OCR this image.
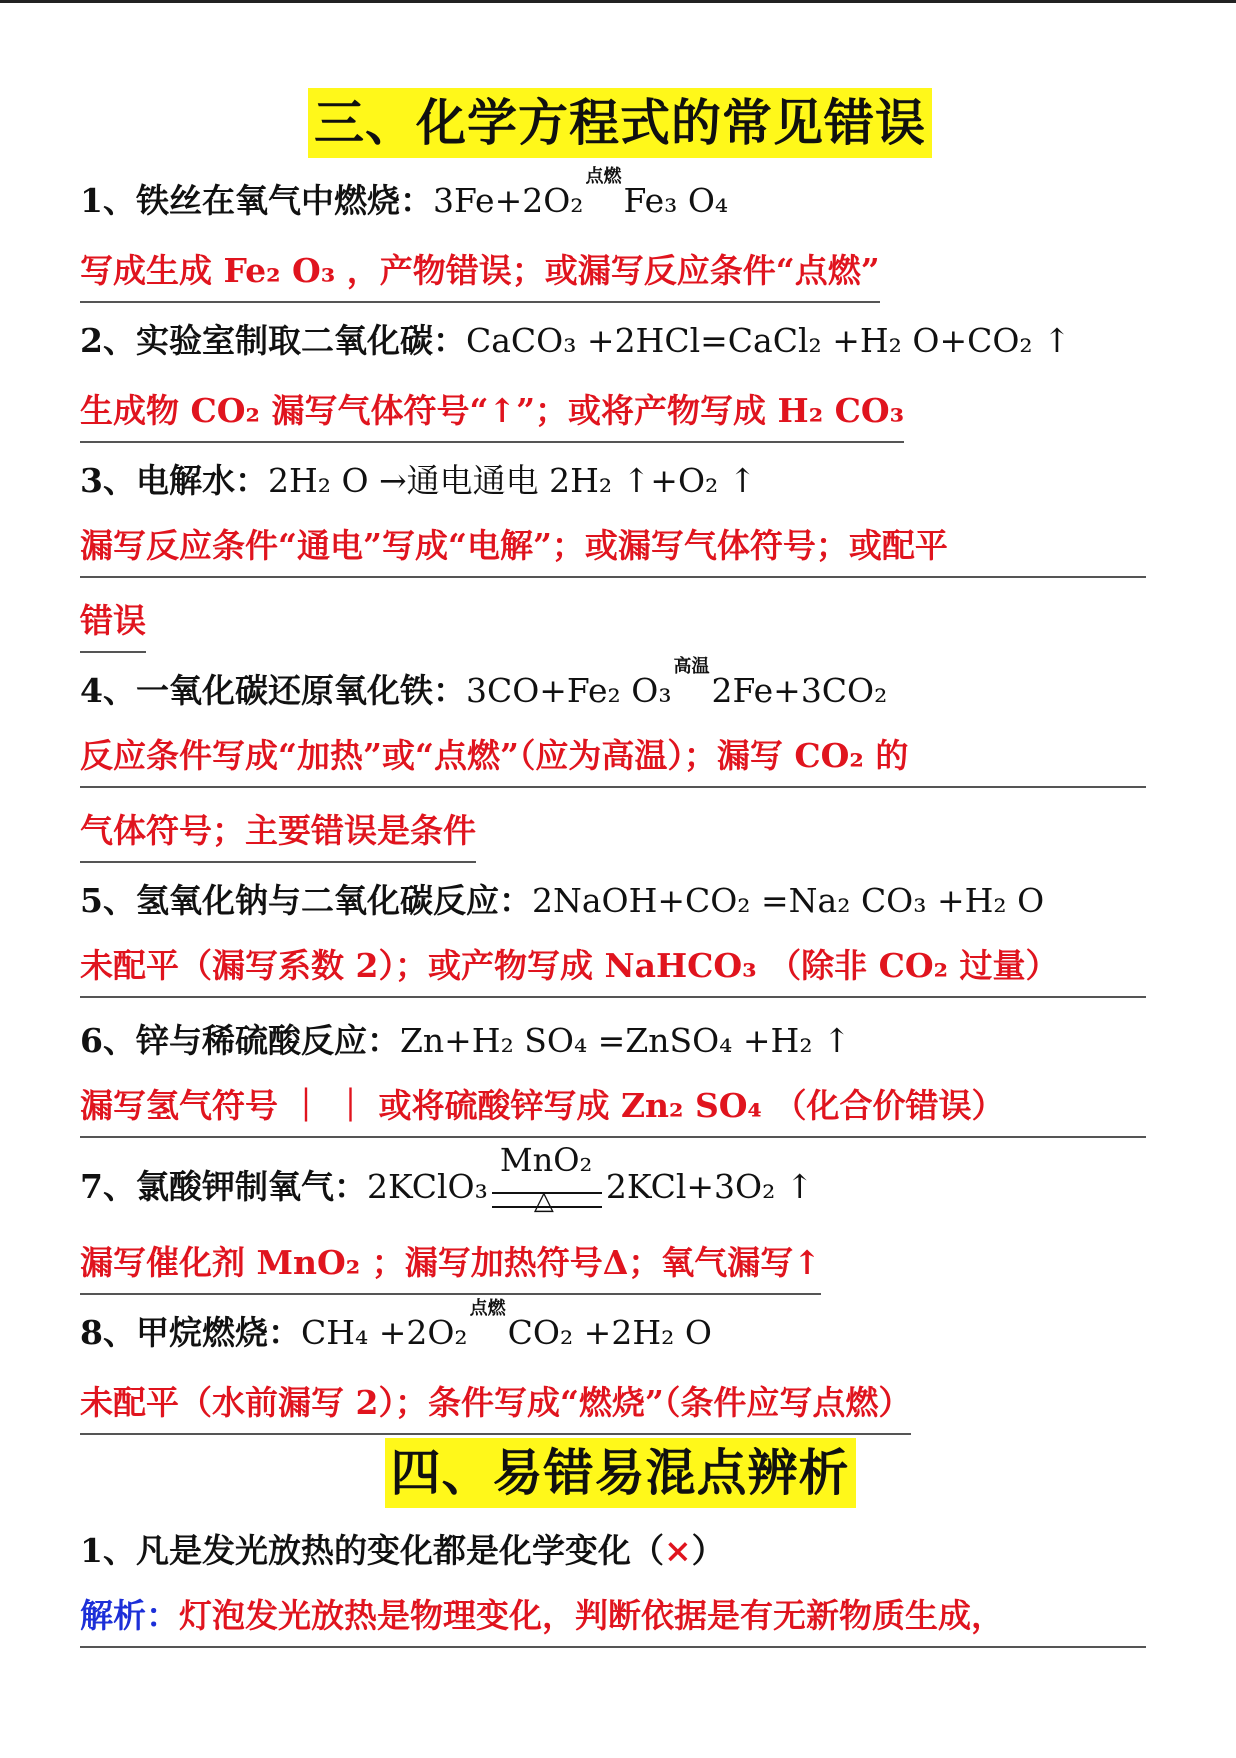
三、化学方程式的常见错误
1、铁丝在氧气中燃烧：3Fe+2O₂点燃Fe₃ O₄
写成生成 Fe₂ O₃ ，产物错误；或漏写反应条件“点燃”
2、实验室制取二氧化碳：CaCO₃ +2HCl=CaCl₂ +H₂ O+CO₂ ↑
生成物 CO₂ 漏写气体符号“↑”；或将产物写成 H₂ CO₃
3、电解水：2H₂ O →通电通电 2H₂ ↑+O₂ ↑
漏写反应条件“通电”写成“电解”；或漏写气体符号；或配平
错误
4、一氧化碳还原氧化铁：3CO+Fe₂ O₃高温2Fe+3CO₂
反应条件写成“加热”或“点燃”（应为高温）；漏写 CO₂ 的
气体符号；主要错误是条件
5、氢氧化钠与二氧化碳反应：2NaOH+CO₂ =Na₂ CO₃ +H₂ O
未配平（漏写系数 2）；或产物写成 NaHCO₃ （除非 CO₂ 过量）
6、锌与稀硫酸反应：Zn+H₂ SO₄ =ZnSO₄ +H₂ ↑
漏写氢气符号 ｜ ｜ 或将硫酸锌写成 Zn₂ SO₄ （化合价错误）
7、氯酸钾制氧气：2KClO₃
MnO₂
△ 2KCl+3O₂ ↑
漏写催化剂 MnO₂ ；漏写加热符号Δ；氧气漏写↑
8、甲烷燃烧：CH₄ +2O₂点燃CO₂ +2H₂ O
未配平（水前漏写 2）；条件写成“燃烧”（条件应写点燃）
四、易错易混点辨析
1、凡是发光放热的变化都是化学变化（×）
解析：灯泡发光放热是物理变化，判断依据是有无新物质生成，
